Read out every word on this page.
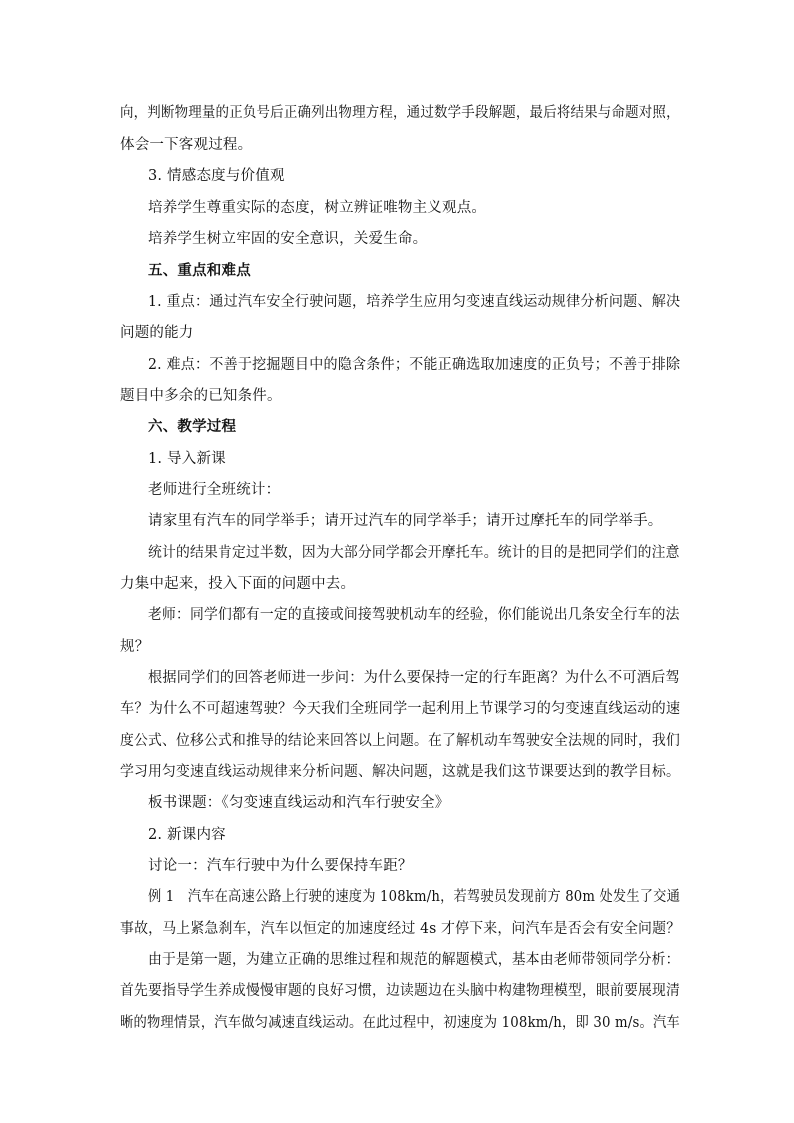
向，判断物理量的正负号后正确列出物理方程，通过数学手段解题，最后将结果与命题对照，
体会一下客观过程。
3. 情感态度与价值观
培养学生尊重实际的态度，树立辨证唯物主义观点。
培养学生树立牢固的安全意识，关爱生命。
五、重点和难点
1. 重点：通过汽车安全行驶问题，培养学生应用匀变速直线运动规律分析问题、解决
问题的能力
2. 难点：不善于挖掘题目中的隐含条件；不能正确选取加速度的正负号；不善于排除
题目中多余的已知条件。
六、教学过程
1. 导入新课
老师进行全班统计：
请家里有汽车的同学举手；请开过汽车的同学举手；请开过摩托车的同学举手。
统计的结果肯定过半数，因为大部分同学都会开摩托车。统计的目的是把同学们的注意
力集中起来，投入下面的问题中去。
老师：同学们都有一定的直接或间接驾驶机动车的经验，你们能说出几条安全行车的法
规？
根据同学们的回答老师进一步问：为什么要保持一定的行车距离？为什么不可酒后驾
车？为什么不可超速驾驶？今天我们全班同学一起利用上节课学习的匀变速直线运动的速
度公式、位移公式和推导的结论来回答以上问题。在了解机动车驾驶安全法规的同时，我们
学习用匀变速直线运动规律来分析问题、解决问题，这就是我们这节课要达到的教学目标。
板书课题：《匀变速直线运动和汽车行驶安全》
2. 新课内容
讨论一：汽车行驶中为什么要保持车距？
例 1　汽车在高速公路上行驶的速度为 108km/h，若驾驶员发现前方 80m 处发生了交通
事故，马上紧急刹车，汽车以恒定的加速度经过 4s 才停下来，问汽车是否会有安全问题？
由于是第一题，为建立正确的思维过程和规范的解题模式，基本由老师带领同学分析：
首先要指导学生养成慢慢审题的良好习惯，边读题边在头脑中构建物理模型，眼前要展现清
晰的物理情景，汽车做匀减速直线运动。在此过程中，初速度为 108km/h，即 30 m/s。汽车
